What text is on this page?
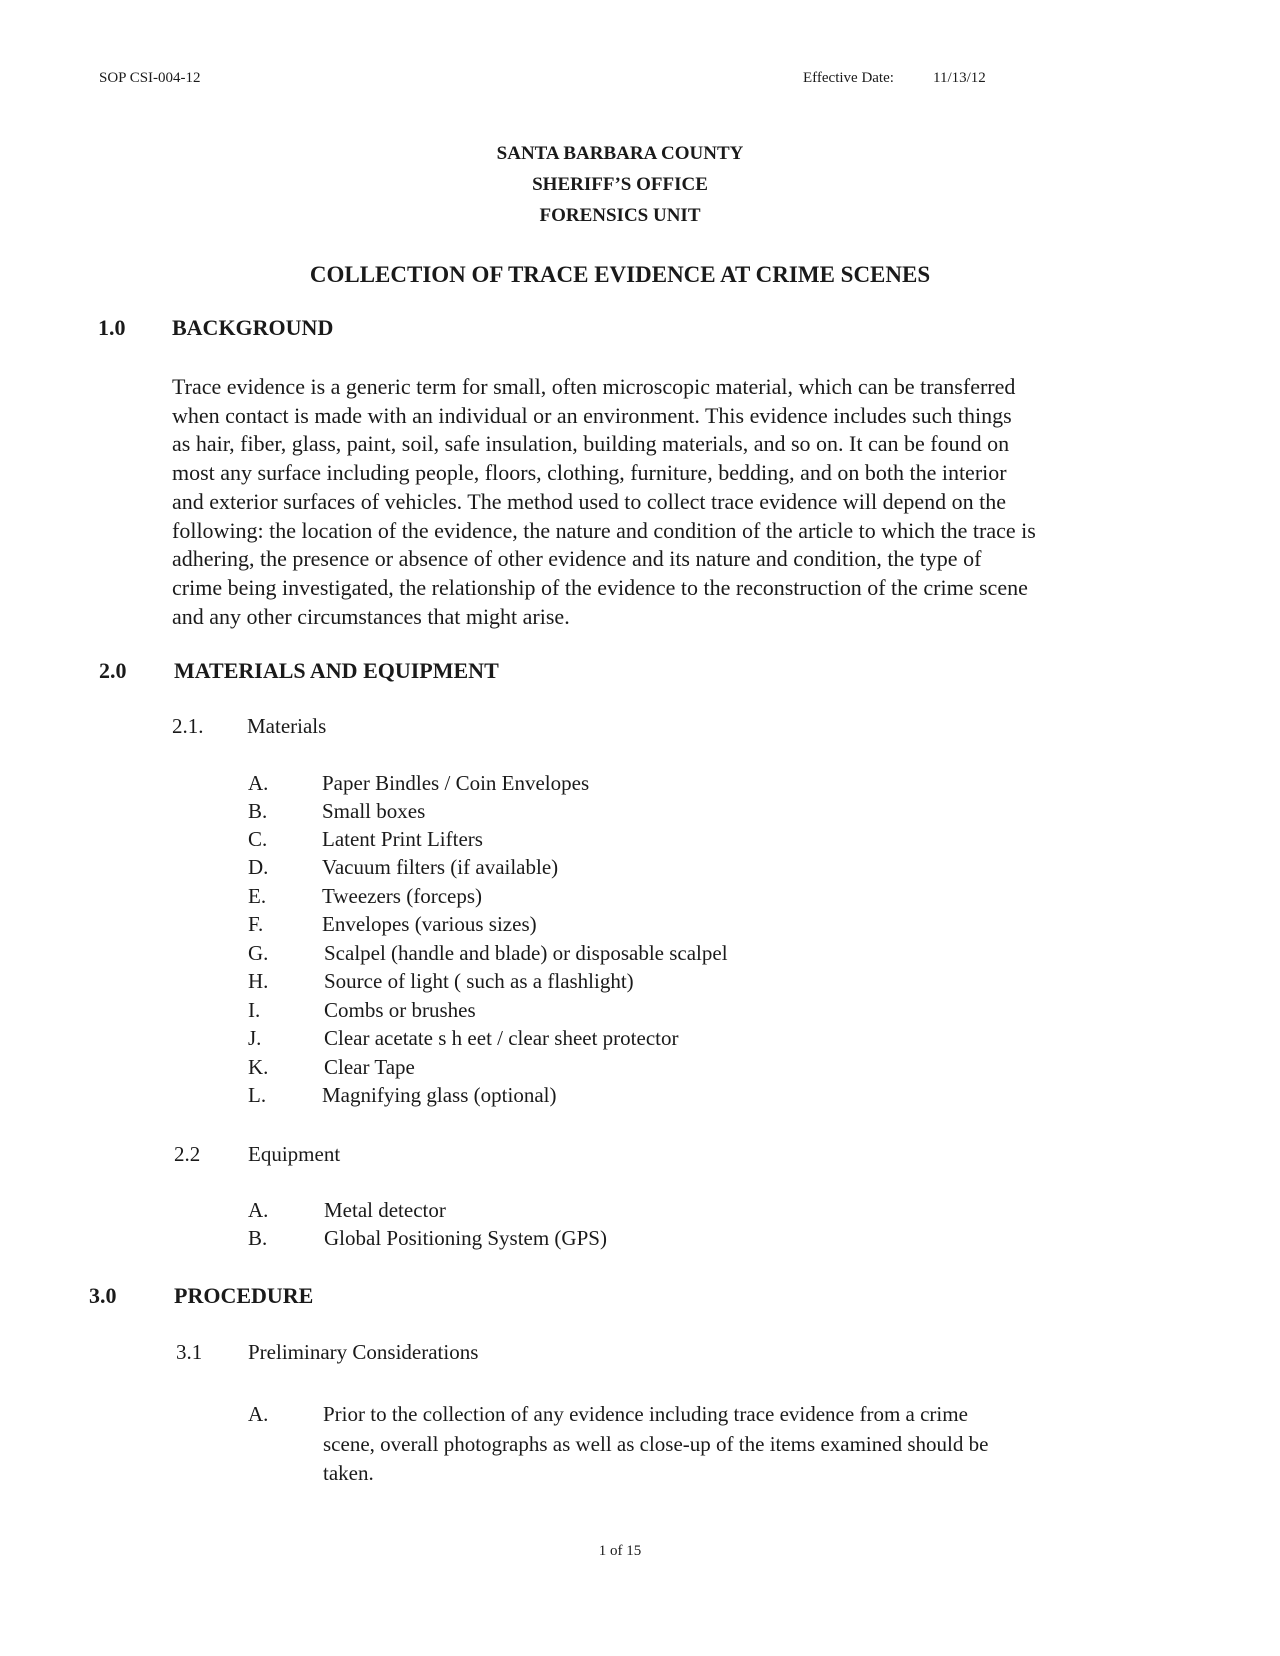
SOP CSI-004-12	Effective Date:	11/13/12
SANTA BARBARA COUNTY
SHERIFF’S OFFICE
FORENSICS UNIT
COLLECTION OF TRACE EVIDENCE AT CRIME SCENES
1.0 BACKGROUND
Trace evidence is a generic term for small, often microscopic material, which can be transferred
when contact is made with an individual or an environment. This evidence includes such things
as hair, fiber, glass, paint, soil, safe insulation, building materials, and so on. It can be found on
most any surface including people, floors, clothing, furniture, bedding, and on both the interior
and exterior surfaces of vehicles. The method used to collect trace evidence will depend on the
following: the location of the evidence, the nature and condition of the article to which the trace is
adhering, the presence or absence of other evidence and its nature and condition, the type of
crime being investigated, the relationship of the evidence to the reconstruction of the crime scene
and any other circumstances that might arise.
2.0 MATERIALS AND EQUIPMENT
2.1. Materials
A.	Paper Bindles / Coin Envelopes
B.	Small boxes
C.	Latent Print Lifters
D.	Vacuum filters (if available)
E.	Tweezers (forceps)
F.	Envelopes (various sizes)
G.	Scalpel (handle and blade) or disposable scalpel
H.	Source of light ( such as a flashlight)
I.	Combs or brushes
J.	Clear acetate s h eet / clear sheet protector
K.	Clear Tape
L.	Magnifying glass (optional)
2.2 Equipment
A.	Metal detector
B.	Global Positioning System (GPS)
3.0	PROCEDURE
3.1 Preliminary Considerations
A.	Prior to the collection of any evidence including trace evidence from a crime
scene, overall photographs as well as close-up of the items examined should be
taken.
1 of 15
